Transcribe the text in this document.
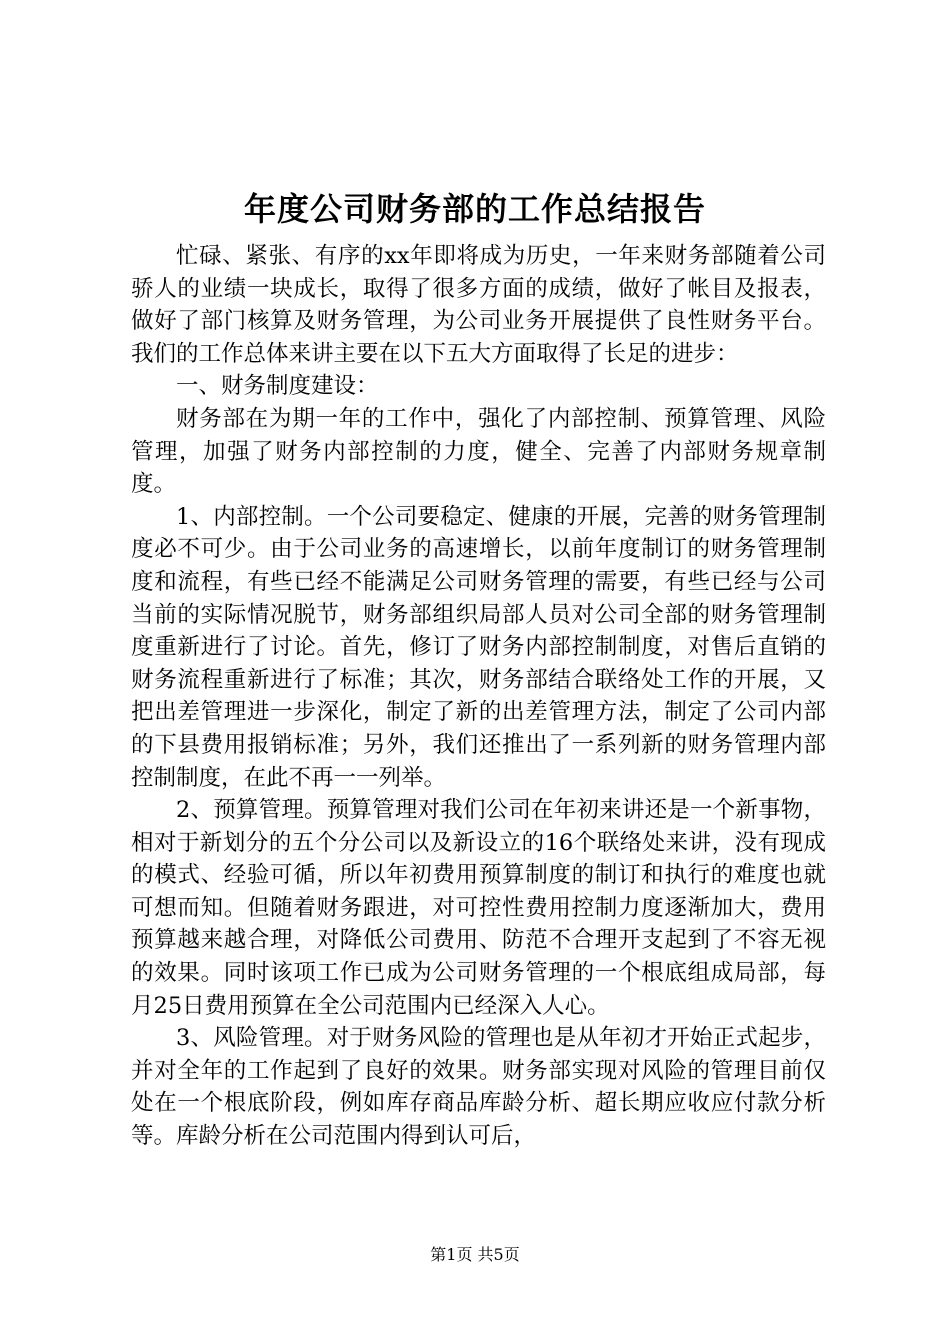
年度公司财务部的工作总结报告

忙碌、紧张、有序的xx年即将成为历史，一年来财务部随着公司骄人的业绩一块成长，取得了很多方面的成绩，做好了帐目及报表，做好了部门核算及财务管理，为公司业务开展提供了良性财务平台。我们的工作总体来讲主要在以下五大方面取得了长足的进步：

一、财务制度建设：

财务部在为期一年的工作中，强化了内部控制、预算管理、风险管理，加强了财务内部控制的力度，健全、完善了内部财务规章制度。

1、内部控制。一个公司要稳定、健康的开展，完善的财务管理制度必不可少。由于公司业务的高速增长，以前年度制订的财务管理制度和流程，有些已经不能满足公司财务管理的需要，有些已经与公司当前的实际情况脱节，财务部组织局部人员对公司全部的财务管理制度重新进行了讨论。首先，修订了财务内部控制制度，对售后直销的财务流程重新进行了标准；其次，财务部结合联络处工作的开展，又把出差管理进一步深化，制定了新的出差管理方法，制定了公司内部的下县费用报销标准；另外，我们还推出了一系列新的财务管理内部控制制度，在此不再一一列举。

2、预算管理。预算管理对我们公司在年初来讲还是一个新事物，相对于新划分的五个分公司以及新设立的16个联络处来讲，没有现成的模式、经验可循，所以年初费用预算制度的制订和执行的难度也就可想而知。但随着财务跟进，对可控性费用控制力度逐渐加大，费用预算越来越合理，对降低公司费用、防范不合理开支起到了不容无视的效果。同时该项工作已成为公司财务管理的一个根底组成局部，每月25日费用预算在全公司范围内已经深入人心。

3、风险管理。对于财务风险的管理也是从年初才开始正式起步，并对全年的工作起到了良好的效果。财务部实现对风险的管理目前仅处在一个根底阶段，例如库存商品库龄分析、超长期应收应付款分析等。库龄分析在公司范围内得到认可后，

第1页 共5页
